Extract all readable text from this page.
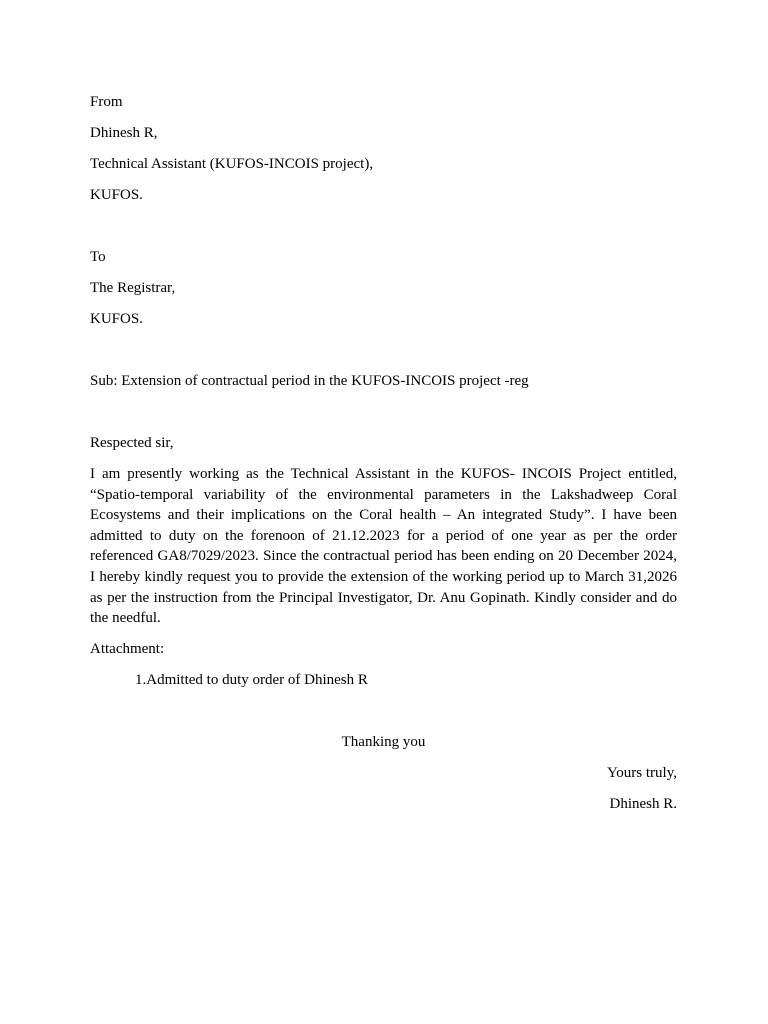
From
Dhinesh R,
Technical Assistant (KUFOS-INCOIS project),
KUFOS.
To
The Registrar,
KUFOS.
Sub: Extension of contractual period in the KUFOS-INCOIS project -reg
Respected sir,

I am presently working as the Technical Assistant in the KUFOS- INCOIS Project entitled, “Spatio-temporal variability of the environmental parameters in the Lakshadweep Coral Ecosystems and their implications on the Coral health – An integrated Study”. I have been admitted to duty on the forenoon of 21.12.2023 for a period of one year as per the order referenced GA8/7029/2023. Since the contractual period has been ending on 20 December 2024, I hereby kindly request you to provide the extension of the working period up to March 31,2026 as per the instruction from the Principal Investigator, Dr. Anu Gopinath. Kindly consider and do the needful.

Attachment:
1.Admitted to duty order of Dhinesh R
Thanking you
Yours truly,
Dhinesh R.
